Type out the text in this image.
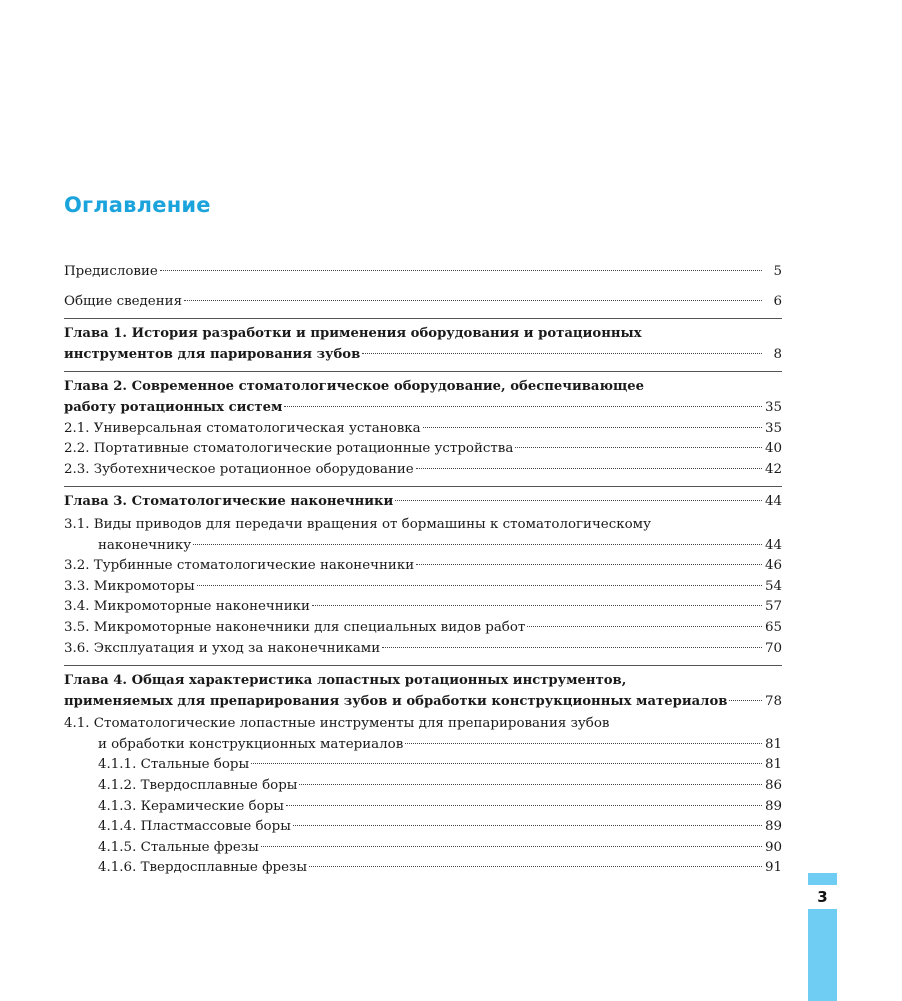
Оглавление
Предисловие	5
Общие сведения	6
Глава 1. История разработки и применения оборудования и ротационных
инструментов для парирования зубов	8
Глава 2. Современное стоматологическое оборудование, обеспечивающее
работу ротационных систем	35
2.1. Универсальная стоматологическая установка	35
2.2. Портативные стоматологические ротационные устройства	40
2.3. Зуботехническое ротационное оборудование	42
Глава 3. Стоматологические наконечники	44
3.1. Виды приводов для передачи вращения от бормашины к стоматологическому
наконечнику	44
3.2. Турбинные стоматологические наконечники	46
3.3. Микромоторы	54
3.4. Микромоторные наконечники	57
3.5. Микромоторные наконечники для специальных видов работ	65
3.6. Эксплуатация и уход за наконечниками	70
Глава 4. Общая характеристика лопастных ротационных инструментов,
применяемых для препарирования зубов и обработки конструкционных материалов	78
4.1. Стоматологические лопастные инструменты для препарирования зубов
и обработки конструкционных материалов	81
4.1.1. Стальные боры	81
4.1.2. Твердосплавные боры	86
4.1.3. Керамические боры	89
4.1.4. Пластмассовые боры	89
4.1.5. Стальные фрезы	90
4.1.6. Твердосплавные фрезы	91
3
